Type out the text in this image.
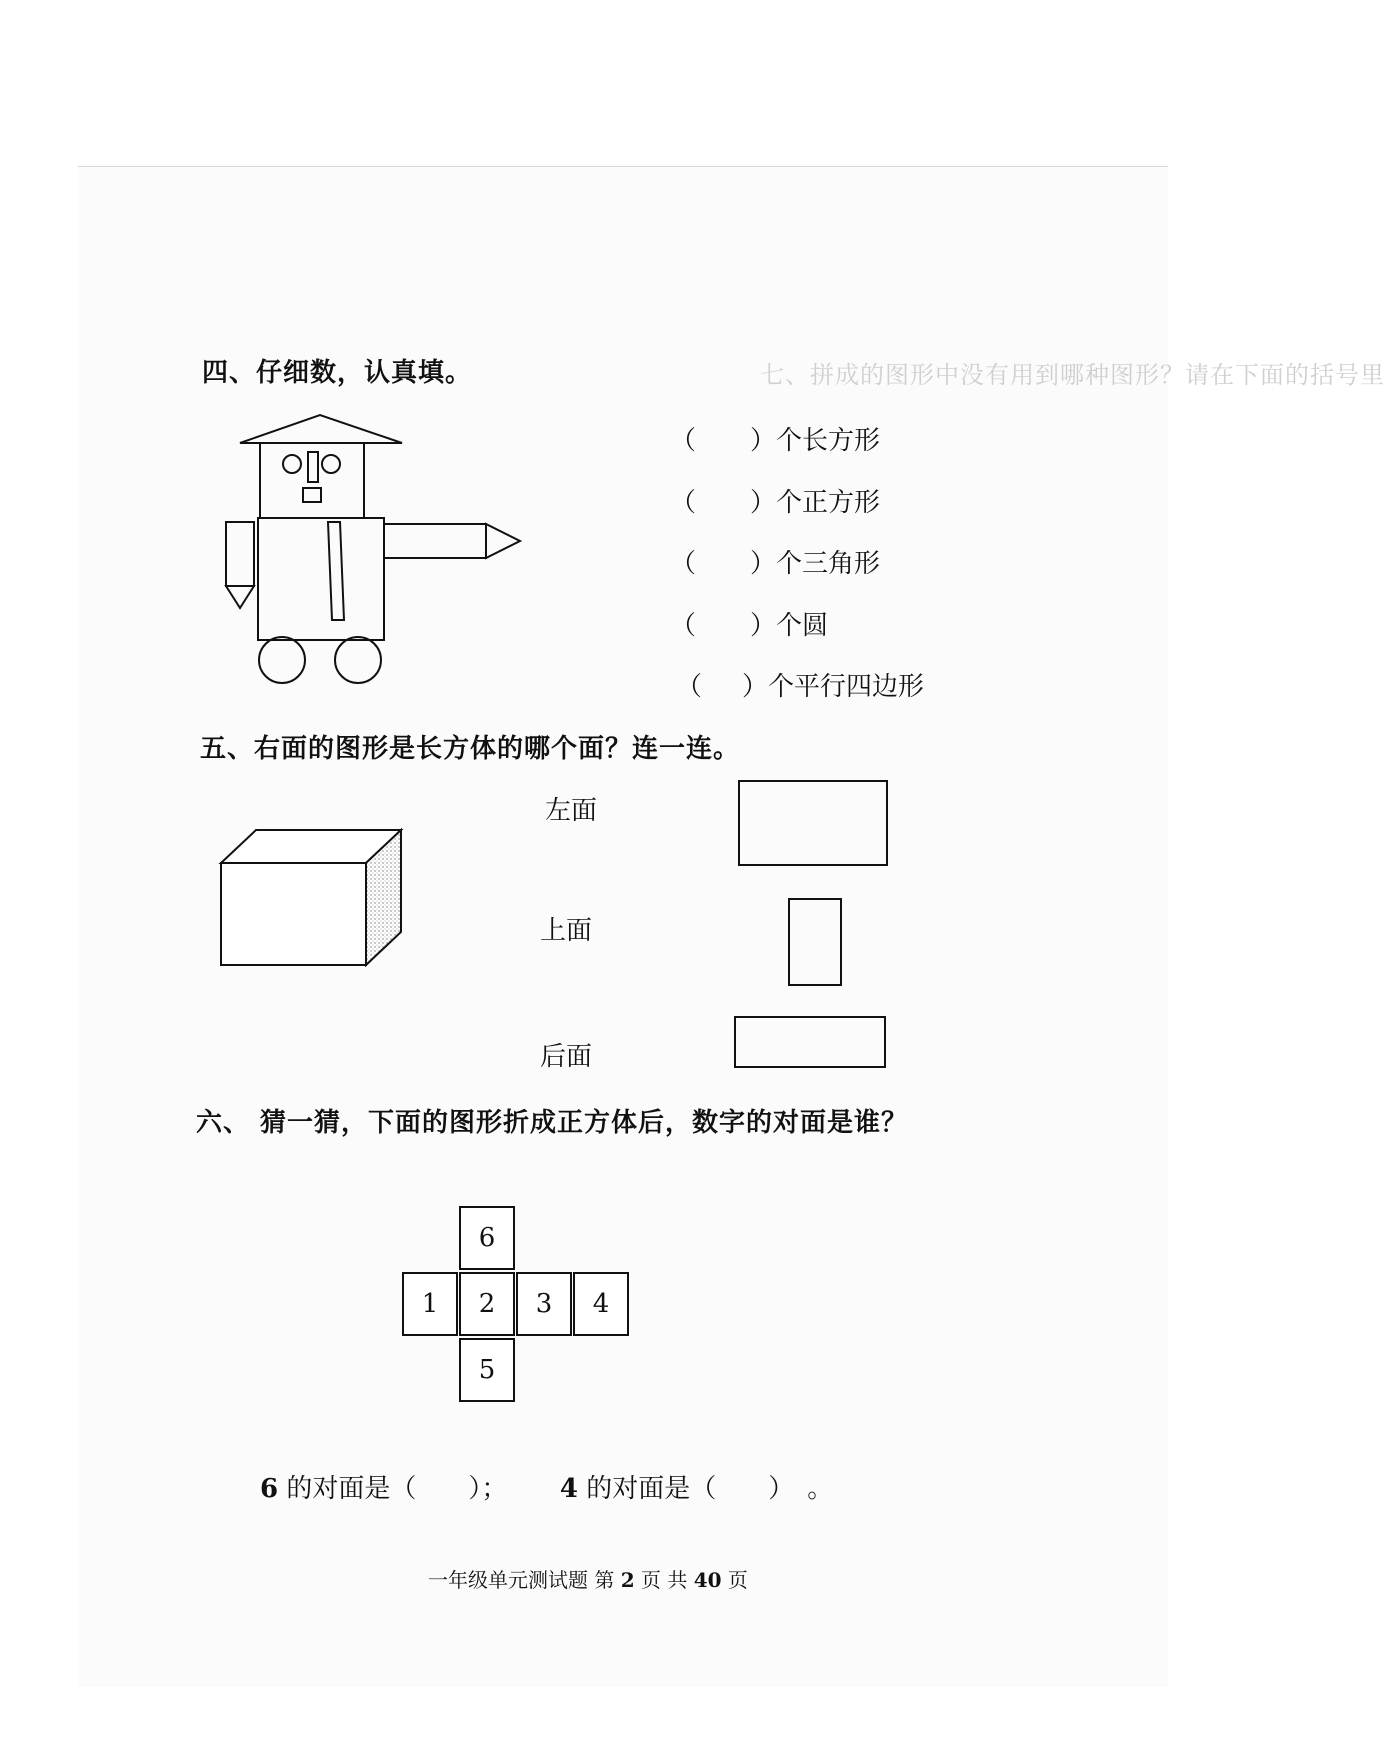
七、拼成的图形中没有用到哪种图形？请在下面的括号里
四、仔细数，认真填。
（ ）个长方形
（ ）个正方形
（ ）个三角形
（ ）个圆
（ ）个平行四边形
五、右面的图形是长方体的哪个面？连一连。
左面
上面
后面
六、 猜一猜，下面的图形折成正方体后，数字的对面是谁？
6
1	2	3	4
5
6 的对面是（　　）； 4 的对面是（　　）　。
一年级单元测试题 第 2 页 共 40 页
